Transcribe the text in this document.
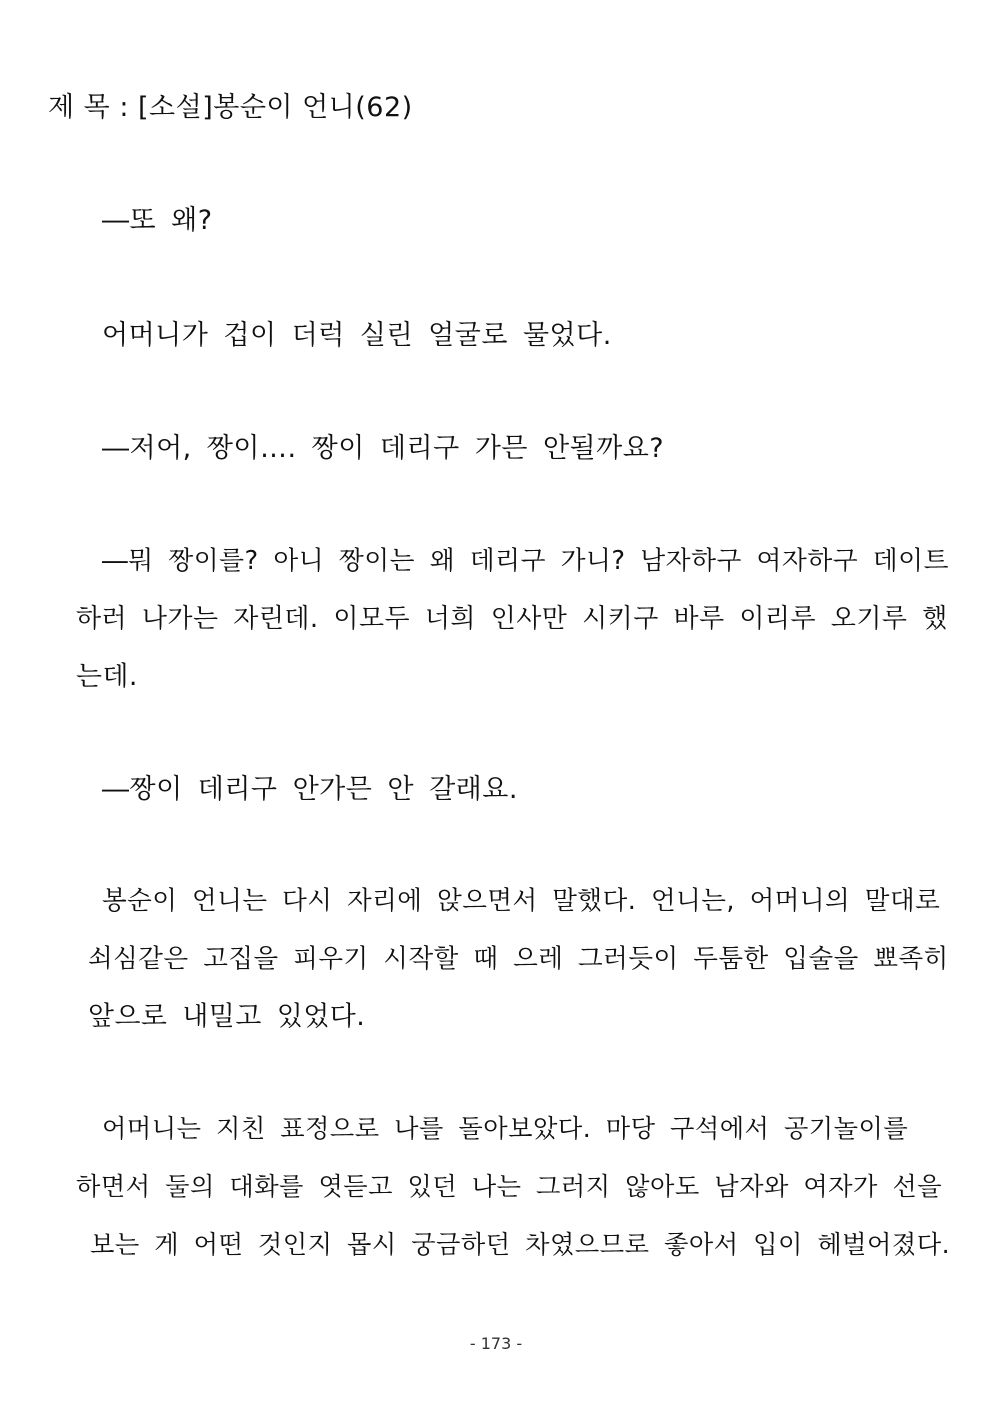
제 목 : [소설]봉순이 언니(62)
―또 왜?
어머니가 겁이 더럭 실린 얼굴로 물었다.
―저어, 짱이…. 짱이 데리구 가믄 안될까요?
―뭐 짱이를? 아니 짱이는 왜 데리구 가니? 남자하구 여자하구 데이트
하러 나가는 자린데. 이모두 너희 인사만 시키구 바루 이리루 오기루 했
는데.
―짱이 데리구 안가믄 안 갈래요.
봉순이 언니는 다시 자리에 앉으면서 말했다. 언니는, 어머니의 말대로
쇠심같은 고집을 피우기 시작할 때 으레 그러듯이 두툼한 입술을 뾰족히
앞으로 내밀고 있었다.
어머니는 지친 표정으로 나를 돌아보았다. 마당 구석에서 공기놀이를
하면서 둘의 대화를 엿듣고 있던 나는 그러지 않아도 남자와 여자가 선을
보는 게 어떤 것인지 몹시 궁금하던 차였으므로 좋아서 입이 헤벌어졌다.
- 173 -
